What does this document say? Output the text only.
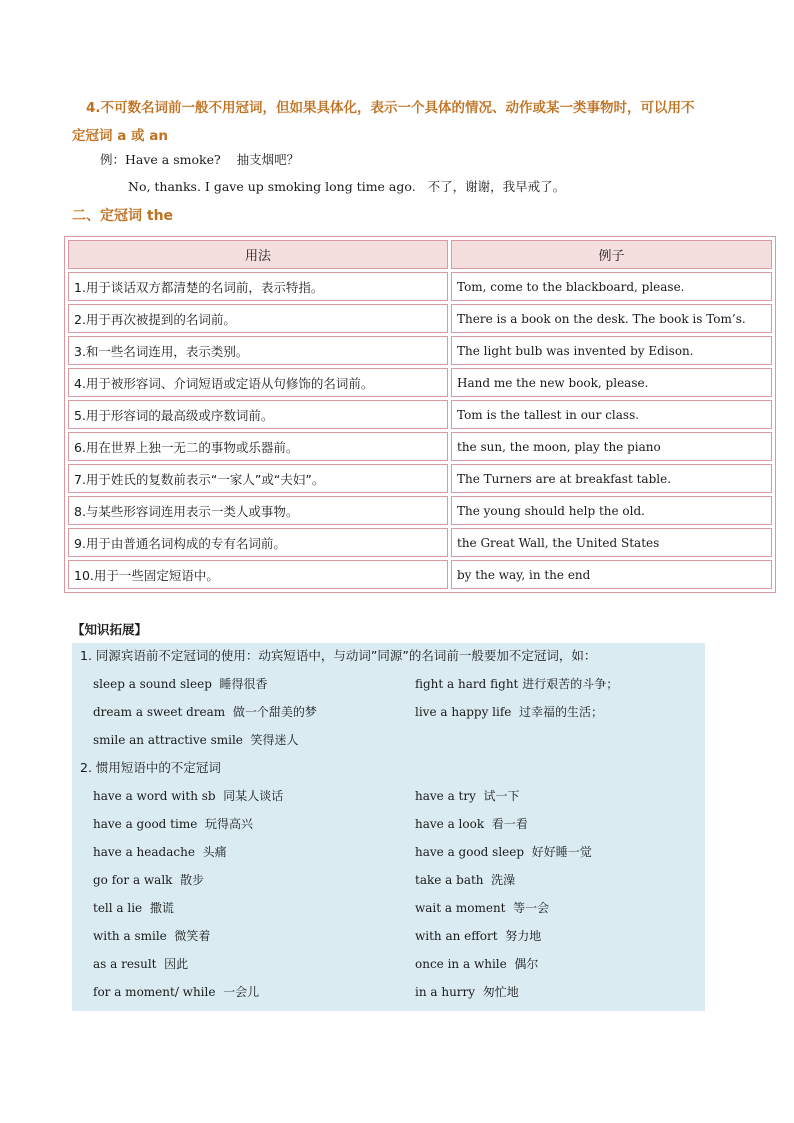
4.不可数名词前一般不用冠词，但如果具体化，表示一个具体的情况、动作或某一类事物时，可以用不
定冠词 a 或 an
例：Have a smoke? 抽支烟吧？
No, thanks. I gave up smoking long time ago. 不了，谢谢，我早戒了。
二、定冠词 the
用法	例子
1.用于谈话双方都清楚的名词前，表示特指。	Tom, come to the blackboard, please.
2.用于再次被提到的名词前。	There is a book on the desk. The book is Tom’s.
3.和一些名词连用，表示类别。	The light bulb was invented by Edison.
4.用于被形容词、介词短语或定语从句修饰的名词前。	Hand me the new book, please.
5.用于形容词的最高级或序数词前。	Tom is the tallest in our class.
6.用在世界上独一无二的事物或乐器前。	the sun, the moon, play the piano
7.用于姓氏的复数前表示“一家人”或“夫妇”。	The Turners are at breakfast table.
8.与某些形容词连用表示一类人或事物。	The young should help the old.
9.用于由普通名词构成的专有名词前。	the Great Wall, the United States
10.用于一些固定短语中。	by the way, in the end
【知识拓展】
1. 同源宾语前不定冠词的使用：动宾短语中，与动词”同源”的名词前一般要加不定冠词，如：
sleep a sound sleep 睡得很香	fight a hard fight 进行艰苦的斗争；
dream a sweet dream 做一个甜美的梦	live a happy life 过幸福的生活；
smile an attractive smile 笑得迷人
2. 惯用短语中的不定冠词
have a word with sb 同某人谈话	have a try 试一下
have a good time 玩得高兴	have a look 看一看
have a headache 头痛	have a good sleep 好好睡一觉
go for a walk 散步	take a bath 洗澡
tell a lie 撒谎	wait a moment 等一会
with a smile 微笑着	with an effort 努力地
as a result 因此	once in a while 偶尔
for a moment/ while 一会儿	in a hurry 匆忙地
